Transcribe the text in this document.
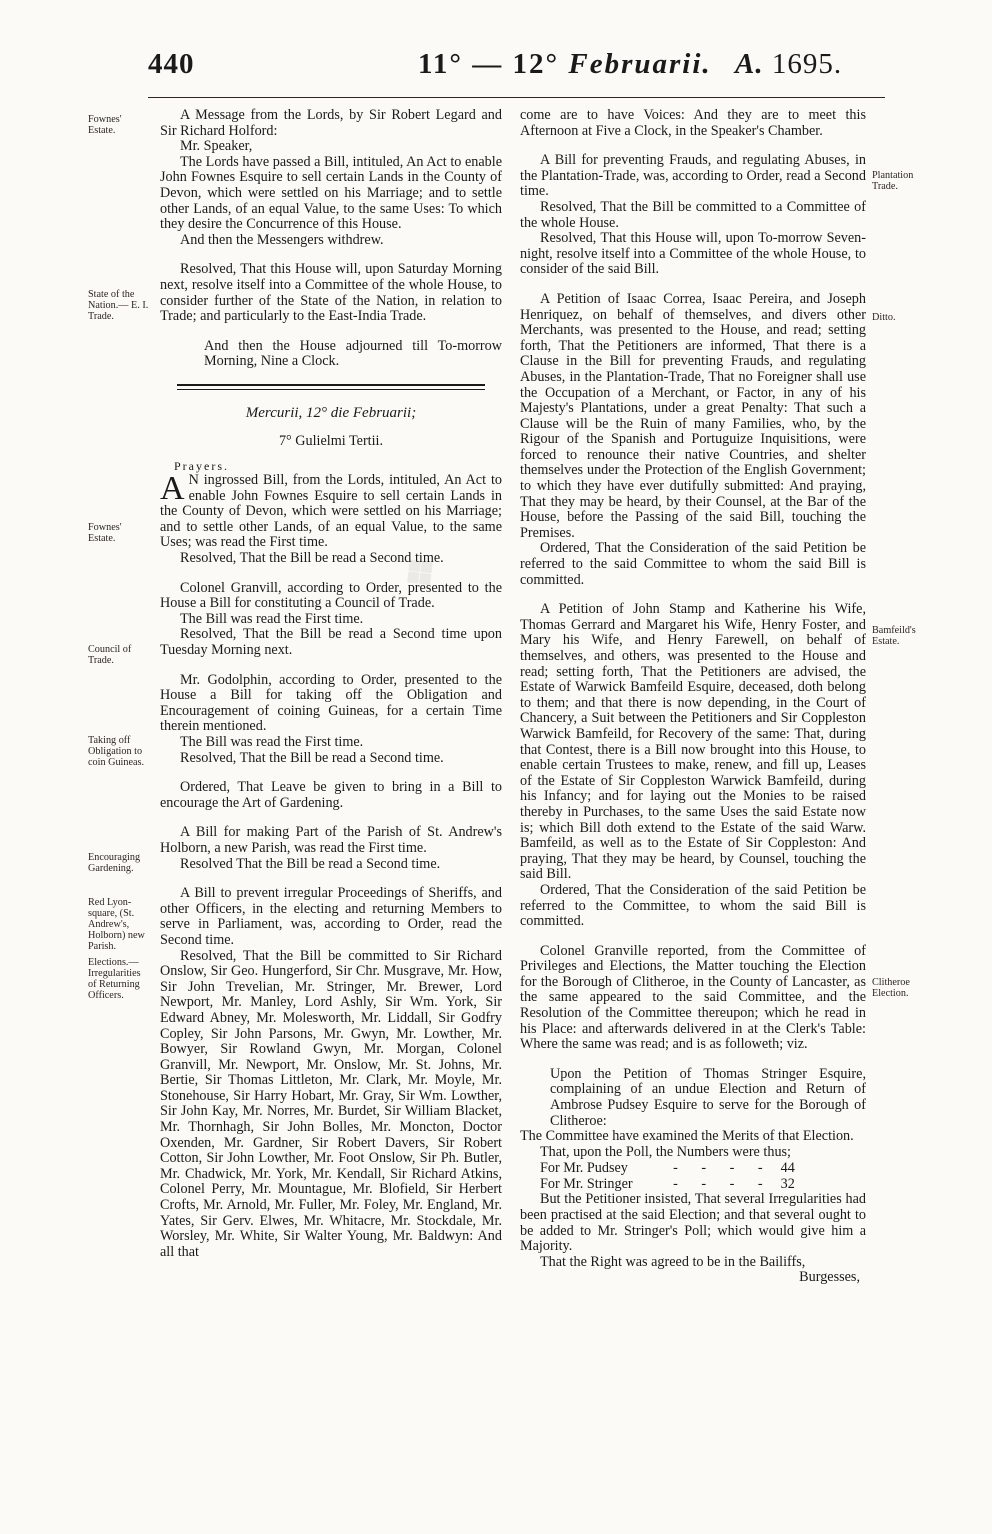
440	11° — 12° Februarii. A. 1695.
❖
Fownes' Estate.
State of the Nation.— E. I. Trade.
Fownes' Estate.
Council of Trade.
Taking off Obligation to coin Guineas.
Encouraging Gardening.
Red Lyon-square, (St. Andrew's, Holborn) new Parish.
Elections.— Irregularities of Returning Officers.
Plantation Trade.
Ditto.
Bamfeild's Estate.
Clitheroe Election.

A Message from the Lords, by Sir Robert Legard and Sir Richard Holford:

Mr. Speaker,

The Lords have passed a Bill, intituled, An Act to enable John Fownes Esquire to sell certain Lands in the County of Devon, which were settled on his Marriage; and to settle other Lands, of an equal Value, to the same Uses: To which they desire the Concurrence of this House.

And then the Messengers withdrew.

Resolved, That this House will, upon Saturday Morning next, resolve itself into a Committee of the whole House, to consider further of the State of the Nation, in relation to Trade; and particularly to the East-India Trade.

And then the House adjourned till To-morrow Morning, Nine a Clock.

Mercurii, 12° die Februarii;
7° Gulielmi Tertii.
Prayers.

A N ingrossed Bill, from the Lords, intituled, An Act to enable John Fownes Esquire to sell certain Lands in the County of Devon, which were settled on his Marriage; and to settle other Lands, of an equal Value, to the same Uses; was read the First time.

Resolved, That the Bill be read a Second time.

Colonel Granvill, according to Order, presented to the House a Bill for constituting a Council of Trade.

The Bill was read the First time.

Resolved, That the Bill be read a Second time upon Tuesday Morning next.

Mr. Godolphin, according to Order, presented to the House a Bill for taking off the Obligation and Encouragement of coining Guineas, for a certain Time therein mentioned.

The Bill was read the First time.

Resolved, That the Bill be read a Second time.

Ordered, That Leave be given to bring in a Bill to encourage the Art of Gardening.

A Bill for making Part of the Parish of St. Andrew's Holborn, a new Parish, was read the First time.

Resolved That the Bill be read a Second time.

A Bill to prevent irregular Proceedings of Sheriffs, and other Officers, in the electing and returning Members to serve in Parliament, was, according to Order, read the Second time.

Resolved, That the Bill be committed to Sir Richard Onslow, Sir Geo. Hungerford, Sir Chr. Musgrave, Mr. How, Sir John Trevelian, Mr. Stringer, Mr. Brewer, Lord Newport, Mr. Manley, Lord Ashly, Sir Wm. York, Sir Edward Abney, Mr. Molesworth, Mr. Liddall, Sir Godfry Copley, Sir John Parsons, Mr. Gwyn, Mr. Lowther, Mr. Bowyer, Sir Rowland Gwyn, Mr. Morgan, Colonel Granvill, Mr. Newport, Mr. Onslow, Mr. St. Johns, Mr. Bertie, Sir Thomas Littleton, Mr. Clark, Mr. Moyle, Mr. Stonehouse, Sir Harry Hobart, Mr. Gray, Sir Wm. Lowther, Sir John Kay, Mr. Norres, Mr. Burdet, Sir William Blacket, Mr. Thornhagh, Sir John Bolles, Mr. Moncton, Doctor Oxenden, Mr. Gardner, Sir Robert Davers, Sir Robert Cotton, Sir John Lowther, Mr. Foot Onslow, Sir Ph. Butler, Mr. Chadwick, Mr. York, Mr. Kendall, Sir Richard Atkins, Colonel Perry, Mr. Mountague, Mr. Blofield, Sir Herbert Crofts, Mr. Arnold, Mr. Fuller, Mr. Foley, Mr. England, Mr. Yates, Sir Gerv. Elwes, Mr. Whitacre, Mr. Stockdale, Mr. Worsley, Mr. White, Sir Walter Young, Mr. Baldwyn: And all that

come are to have Voices: And they are to meet this Afternoon at Five a Clock, in the Speaker's Chamber.

A Bill for preventing Frauds, and regulating Abuses, in the Plantation-Trade, was, according to Order, read a Second time.

Resolved, That the Bill be committed to a Committee of the whole House.

Resolved, That this House will, upon To-morrow Seven-night, resolve itself into a Committee of the whole House, to consider of the said Bill.

A Petition of Isaac Correa, Isaac Pereira, and Joseph Henriquez, on behalf of themselves, and divers other Merchants, was presented to the House, and read; setting forth, That the Petitioners are informed, That there is a Clause in the Bill for preventing Frauds, and regulating Abuses, in the Plantation-Trade, That no Foreigner shall use the Occupation of a Merchant, or Factor, in any of his Majesty's Plantations, under a great Penalty: That such a Clause will be the Ruin of many Families, who, by the Rigour of the Spanish and Portuguize Inquisitions, were forced to renounce their native Countries, and shelter themselves under the Protection of the English Government; to which they have ever dutifully submitted: And praying, That they may be heard, by their Counsel, at the Bar of the House, before the Passing of the said Bill, touching the Premises.

Ordered, That the Consideration of the said Petition be referred to the said Committee to whom the said Bill is committed.

A Petition of John Stamp and Katherine his Wife, Thomas Gerrard and Margaret his Wife, Henry Foster, and Mary his Wife, and Henry Farewell, on behalf of themselves, and others, was presented to the House and read; setting forth, That the Petitioners are advised, the Estate of Warwick Bamfeild Esquire, deceased, doth belong to them; and that there is now depending, in the Court of Chancery, a Suit between the Petitioners and Sir Coppleston Warwick Bamfeild, for Recovery of the same: That, during that Contest, there is a Bill now brought into this House, to enable certain Trustees to make, renew, and fill up, Leases of the Estate of Sir Coppleston Warwick Bamfeild, during his Infancy; and for laying out the Monies to be raised thereby in Purchases, to the same Uses the said Estate now is; which Bill doth extend to the Estate of the said Warw. Bamfeild, as well as to the Estate of Sir Coppleston: And praying, That they may be heard, by Counsel, touching the said Bill.

Ordered, That the Consideration of the said Petition be referred to the Committee, to whom the said Bill is committed.

Colonel Granville reported, from the Committee of Privileges and Elections, the Matter touching the Election for the Borough of Clitheroe, in the County of Lancaster, as the same appeared to the said Committee, and the Resolution of the Committee thereupon; which he read in his Place: and afterwards delivered in at the Clerk's Table: Where the same was read; and is as followeth; viz.

Upon the Petition of Thomas Stringer Esquire, complaining of an undue Election and Return of Ambrose Pudsey Esquire to serve for the Borough of Clitheroe:

The Committee have examined the Merits of that Election.

That, upon the Poll, the Numbers were thus;

For Mr. Pudsey	- - - -	44
For Mr. Stringer	- - - -	32

But the Petitioner insisted, That several Irregularities had been practised at the said Election; and that several ought to be added to Mr. Stringer's Poll; which would give him a Majority.

That the Right was agreed to be in the Bailiffs,

Burgesses,
